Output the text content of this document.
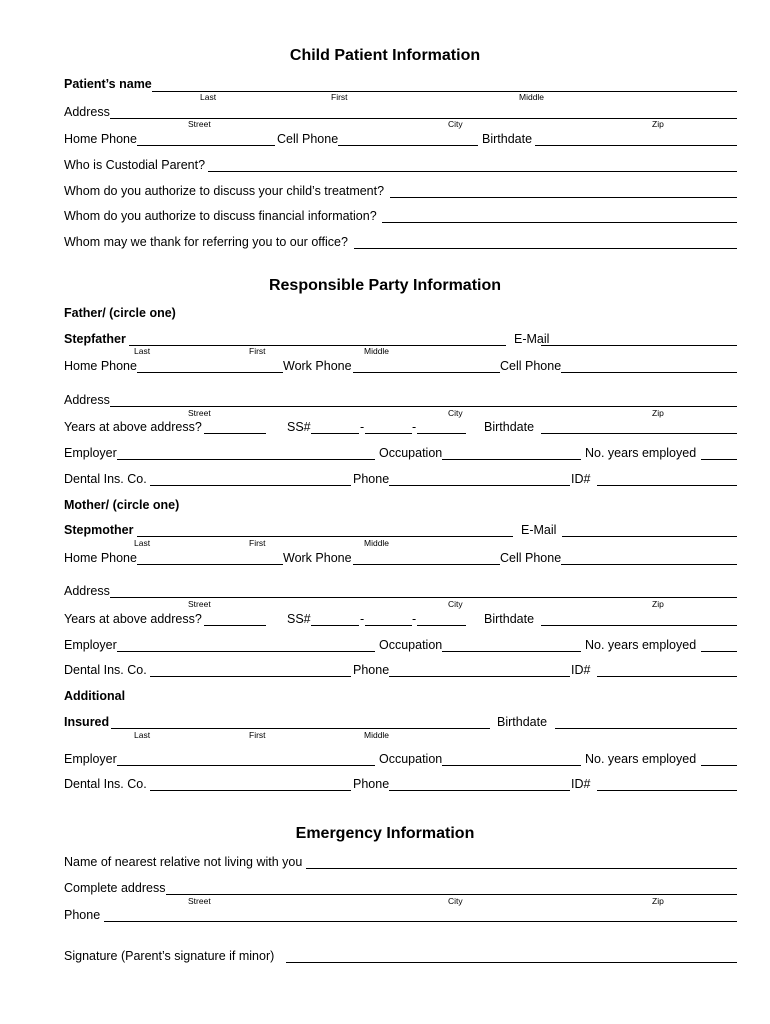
Child Patient Information
Patient’s name
Last	First	Middle
Address
Street	City	Zip
Home Phone	Cell Phone	Birthdate
Who is Custodial Parent?
Whom do you authorize to discuss your child’s treatment?
Whom do you authorize to discuss financial information?
Whom may we thank for referring you to our office?
Responsible Party Information
Father/ (circle one)
Stepfather	E-Mail
Last	First	Middle
Home Phone	Work Phone	Cell Phone
Address
Street	City	Zip
Years at above address?	SS#	-	-	Birthdate
Employer	Occupation	No. years employed
Dental Ins. Co.	Phone	ID#
Mother/ (circle one)
Stepmother	E-Mail
Last	First	Middle
Home Phone	Work Phone	Cell Phone
Address
Street	City	Zip
Years at above address?	SS#	-	-	Birthdate
Employer	Occupation	No. years employed
Dental Ins. Co.	Phone	ID#
Additional
Insured	Birthdate
Last	First	Middle
Employer	Occupation	No. years employed
Dental Ins. Co.	Phone	ID#
Emergency Information
Name of nearest relative not living with you
Complete address
Street	City	Zip
Phone
Signature (Parent’s signature if minor)
